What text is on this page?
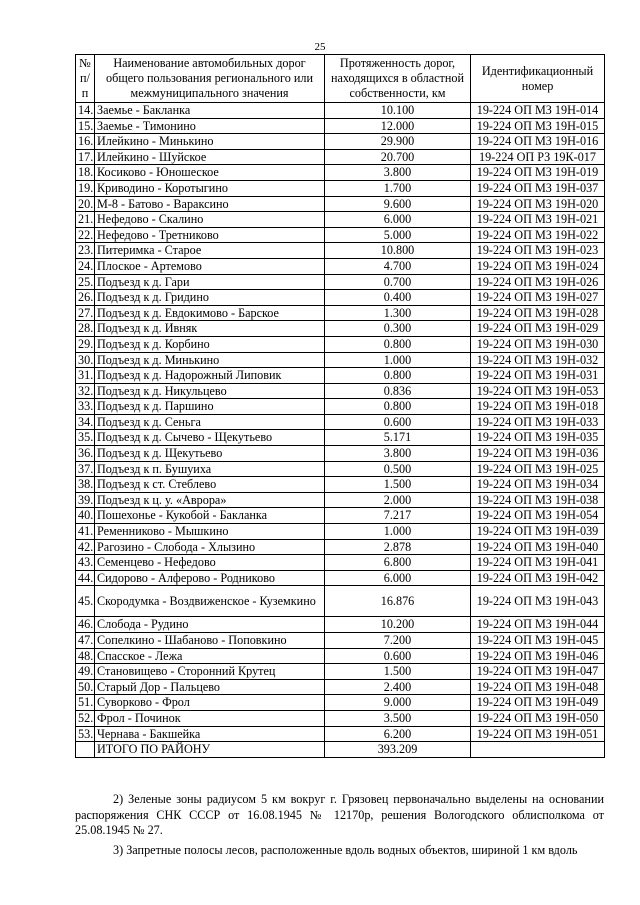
25
№ п/п	Наименование автомобильных дорог общего пользования регионального или межмуниципального значения	Протяженность дорог, находящихся в областной собственности, км	Идентификационный номер
14.	Заемье - Бакланка	10.100	19-224 ОП МЗ 19Н-014
15.	Заемье - Тимонино	12.000	19-224 ОП МЗ 19Н-015
16.	Илейкино - Минькино	29.900	19-224 ОП МЗ 19Н-016
17.	Илейкино - Шуйское	20.700	19-224 ОП РЗ 19К-017
18.	Косиково - Юношеское	3.800	19-224 ОП МЗ 19Н-019
19.	Криводино - Коротыгино	1.700	19-224 ОП МЗ 19Н-037
20.	М-8 - Батово - Вараксино	9.600	19-224 ОП МЗ 19Н-020
21.	Нефедово - Скалино	6.000	19-224 ОП МЗ 19Н-021
22.	Нефедово - Третниково	5.000	19-224 ОП МЗ 19Н-022
23.	Питеримка - Старое	10.800	19-224 ОП МЗ 19Н-023
24.	Плоское - Артемово	4.700	19-224 ОП МЗ 19Н-024
25.	Подъезд к д. Гари	0.700	19-224 ОП МЗ 19Н-026
26.	Подъезд к д. Гридино	0.400	19-224 ОП МЗ 19Н-027
27.	Подъезд к д. Евдокимово - Барское	1.300	19-224 ОП МЗ 19Н-028
28.	Подъезд к д. Ивняк	0.300	19-224 ОП МЗ 19Н-029
29.	Подъезд к д. Корбино	0.800	19-224 ОП МЗ 19Н-030
30.	Подъезд к д. Минькино	1.000	19-224 ОП МЗ 19Н-032
31.	Подъезд к д. Надорожный Липовик	0.800	19-224 ОП МЗ 19Н-031
32.	Подъезд к д. Никульцево	0.836	19-224 ОП МЗ 19Н-053
33.	Подъезд к д. Паршино	0.800	19-224 ОП МЗ 19Н-018
34.	Подъезд к д. Сеньга	0.600	19-224 ОП МЗ 19Н-033
35.	Подъезд к д. Сычево - Щекутьево	5.171	19-224 ОП МЗ 19Н-035
36.	Подъезд к д. Щекутьево	3.800	19-224 ОП МЗ 19Н-036
37.	Подъезд к п. Бушуиха	0.500	19-224 ОП МЗ 19Н-025
38.	Подъезд к ст. Стеблево	1.500	19-224 ОП МЗ 19Н-034
39.	Подъезд к ц. у. «Аврора»	2.000	19-224 ОП МЗ 19Н-038
40.	Пошехонье - Кукобой - Бакланка	7.217	19-224 ОП МЗ 19Н-054
41.	Ременниково - Мышкино	1.000	19-224 ОП МЗ 19Н-039
42.	Рагозино - Слобода - Хлызино	2.878	19-224 ОП МЗ 19Н-040
43.	Семенцево - Нефедово	6.800	19-224 ОП МЗ 19Н-041
44.	Сидорово - Алферово - Родниково	6.000	19-224 ОП МЗ 19Н-042
45.	Скородумка - Воздвиженское - Куземкино	16.876	19-224 ОП МЗ 19Н-043
46.	Слобода - Рудино	10.200	19-224 ОП МЗ 19Н-044
47.	Сопелкино - Шабаново - Поповкино	7.200	19-224 ОП МЗ 19Н-045
48.	Спасское - Лежа	0.600	19-224 ОП МЗ 19Н-046
49.	Становищево - Сторонний Крутец	1.500	19-224 ОП МЗ 19Н-047
50.	Старый Дор - Пальцево	2.400	19-224 ОП МЗ 19Н-048
51.	Суворково - Фрол	9.000	19-224 ОП МЗ 19Н-049
52.	Фрол - Починок	3.500	19-224 ОП МЗ 19Н-050
53.	Чернава - Бакшейка	6.200	19-224 ОП МЗ 19Н-051
	ИТОГО ПО РАЙОНУ	393.209	

2) Зеленые зоны радиусом 5 км вокруг г. Грязовец первоначально выделены на основании распоряжения СНК СССР от 16.08.1945 № 12170р, решения Вологодского облисполкома от 25.08.1945 № 27.

3) Запретные полосы лесов, расположенные вдоль водных объектов, шириной 1 км вдоль
